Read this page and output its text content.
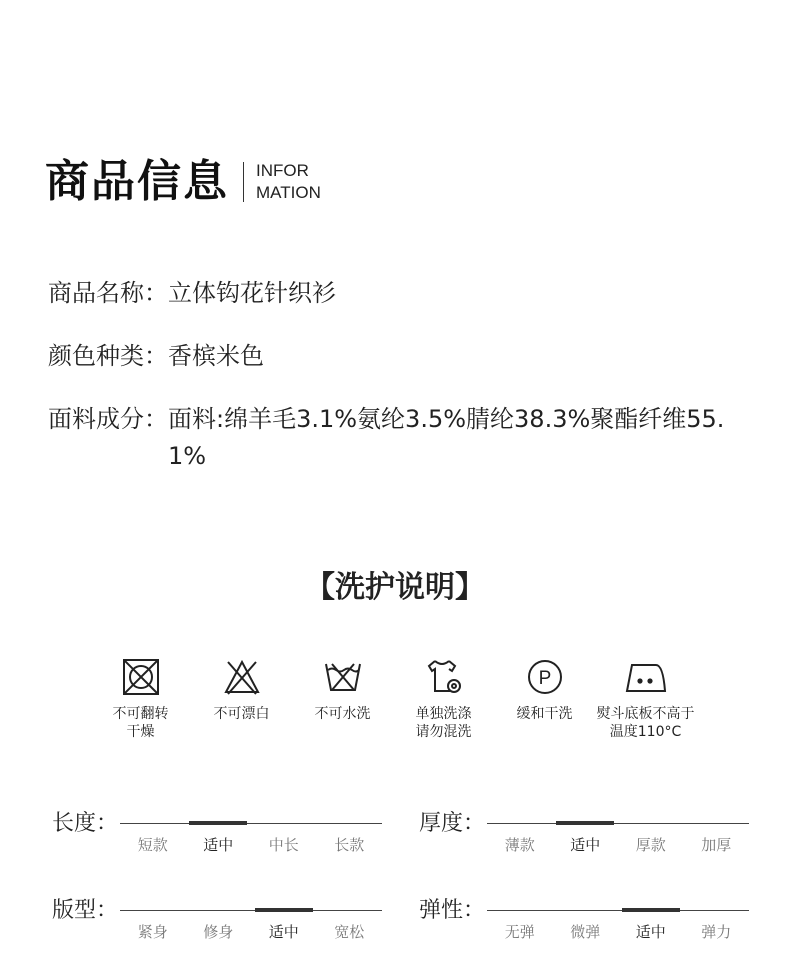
商品信息 INFOR
MATION
商品名称： 立体钩花针织衫
颜色种类： 香槟米色
面料成分： 面料:绵羊毛3.1%氨纶3.5%腈纶38.3%聚酯纤维55.1%
【洗护说明】
不可翻转
干燥
不可漂白	不可水洗	单独洗涤
请勿混洗
P
缓和干洗 熨斗底板不高于
温度110°C
长度：
短款	适中	中长	长款
厚度：
薄款	适中	厚款	加厚
版型：
紧身	修身	适中	宽松
弹性：
无弹	微弹	适中	弹力
